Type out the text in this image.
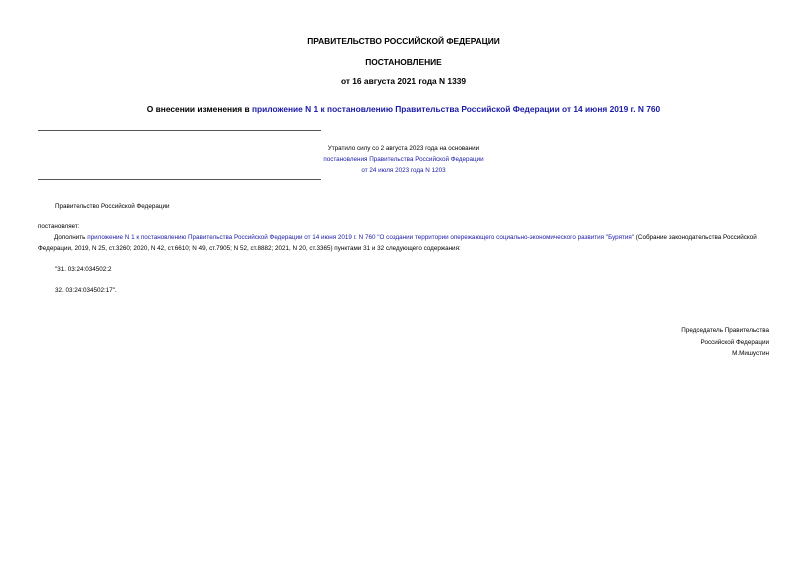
ПРАВИТЕЛЬСТВО РОССИЙСКОЙ ФЕДЕРАЦИИ
ПОСТАНОВЛЕНИЕ
от 16 августа 2021 года N 1339
О внесении изменения в приложение N 1 к постановлению Правительства Российской Федерации от 14 июня 2019 г. N 760
Утратило силу со 2 августа 2023 года на основании
постановления Правительства Российской Федерации
от 24 июля 2023 года N 1203
Правительство Российской Федерации
постановляет:
Дополнить приложение N 1 к постановлению Правительства Российской Федерации от 14 июня 2019 г. N 760 "О создании территории опережающего социально-экономического развития "Бурятия" (Собрание законодательства Российской Федерации, 2019, N 25, ст.3260; 2020, N 42, ст.6610; N 49, ст.7905; N 52, ст.8882; 2021, N 20, ст.3365) пунктами 31 и 32 следующего содержания:
"31. 03:24:034502:2
32. 03:24:034502:17".
Председатель Правительства
Российской Федерации
М.Мишустин
